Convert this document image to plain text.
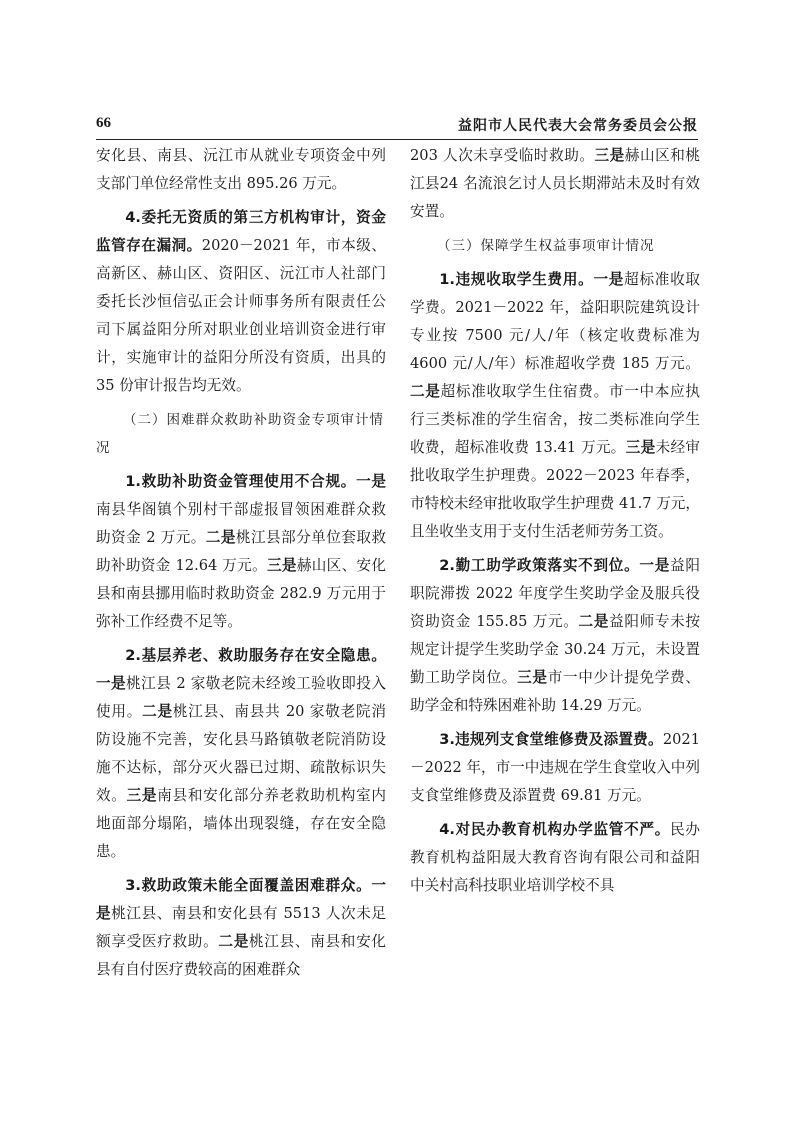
66	益阳市人民代表大会常务委员会公报

安化县、南县、沅江市从就业专项资金中列支部门单位经常性支出 895.26 万元。

4.委托无资质的第三方机构审计，资金监管存在漏洞。2020－2021 年，市本级、高新区、赫山区、资阳区、沅江市人社部门委托长沙恒信弘正会计师事务所有限责任公司下属益阳分所对职业创业培训资金进行审计，实施审计的益阳分所没有资质，出具的 35 份审计报告均无效。

（二）困难群众救助补助资金专项审计情况

1.救助补助资金管理使用不合规。一是南县华阁镇个别村干部虚报冒领困难群众救助资金 2 万元。二是桃江县部分单位套取救助补助资金 12.64 万元。三是赫山区、安化县和南县挪用临时救助资金 282.9 万元用于弥补工作经费不足等。

2.基层养老、救助服务存在安全隐患。一是桃江县 2 家敬老院未经竣工验收即投入使用。二是桃江县、南县共 20 家敬老院消防设施不完善，安化县马路镇敬老院消防设施不达标，部分灭火器已过期、疏散标识失效。三是南县和安化部分养老救助机构室内地面部分塌陷，墙体出现裂缝，存在安全隐患。

3.救助政策未能全面覆盖困难群众。一是桃江县、南县和安化县有 5513 人次未足额享受医疗救助。二是桃江县、南县和安化县有自付医疗费较高的困难群众

203 人次未享受临时救助。三是赫山区和桃江县24 名流浪乞讨人员长期滞站未及时有效安置。

（三）保障学生权益事项审计情况

1.违规收取学生费用。一是超标准收取学费。2021－2022 年，益阳职院建筑设计专业按 7500 元/人/年（核定收费标准为 4600 元/人/年）标准超收学费 185 万元。二是超标准收取学生住宿费。市一中本应执行三类标准的学生宿舍，按二类标准向学生收费，超标准收费 13.41 万元。三是未经审批收取学生护理费。2022－2023 年春季，市特校未经审批收取学生护理费 41.7 万元，且坐收坐支用于支付生活老师劳务工资。

2.勤工助学政策落实不到位。一是益阳职院滞拨 2022 年度学生奖助学金及服兵役资助资金 155.85 万元。二是益阳师专未按规定计提学生奖助学金 30.24 万元，未设置勤工助学岗位。三是市一中少计提免学费、助学金和特殊困难补助 14.29 万元。

3.违规列支食堂维修费及添置费。2021－2022 年，市一中违规在学生食堂收入中列支食堂维修费及添置费 69.81 万元。

4.对民办教育机构办学监管不严。民办教育机构益阳晟大教育咨询有限公司和益阳中关村高科技职业培训学校不具
